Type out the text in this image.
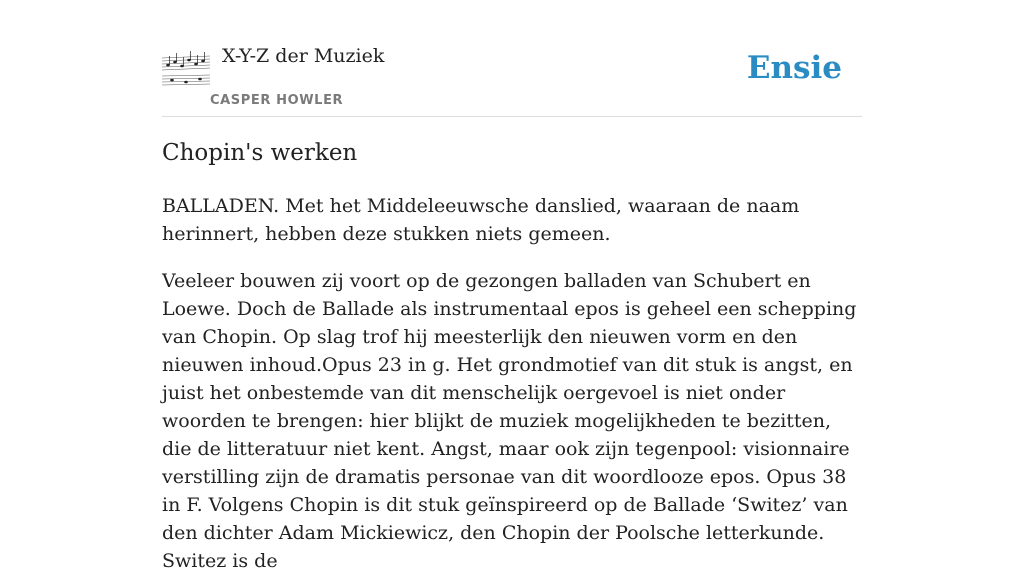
X-Y-Z der Muziek
CASPER HOWLER
Ensie
Chopin's werken

BALLADEN. Met het Middeleeuwsche danslied, waaraan de naam herinnert, hebben deze stukken niets gemeen.

Veeleer bouwen zij voort op de gezongen balladen van Schubert en Loewe. Doch de Ballade als instrumentaal epos is geheel een schepping van Chopin. Op slag trof hij meesterlijk den nieuwen vorm en den nieuwen inhoud.Opus 23 in g. Het grondmotief van dit stuk is angst, en juist het onbestemde van dit menschelijk oergevoel is niet onder woorden te brengen: hier blijkt de muziek mogelijkheden te bezitten, die de litteratuur niet kent. Angst, maar ook zijn tegenpool: visionnaire verstilling zijn de dramatis personae van dit woordlooze epos. Opus 38 in F. Volgens Chopin is dit stuk geïnspireerd op de Ballade ‘Switez’ van den dichter Adam Mickiewicz, den Chopin der Poolsche letterkunde. Switez is de
